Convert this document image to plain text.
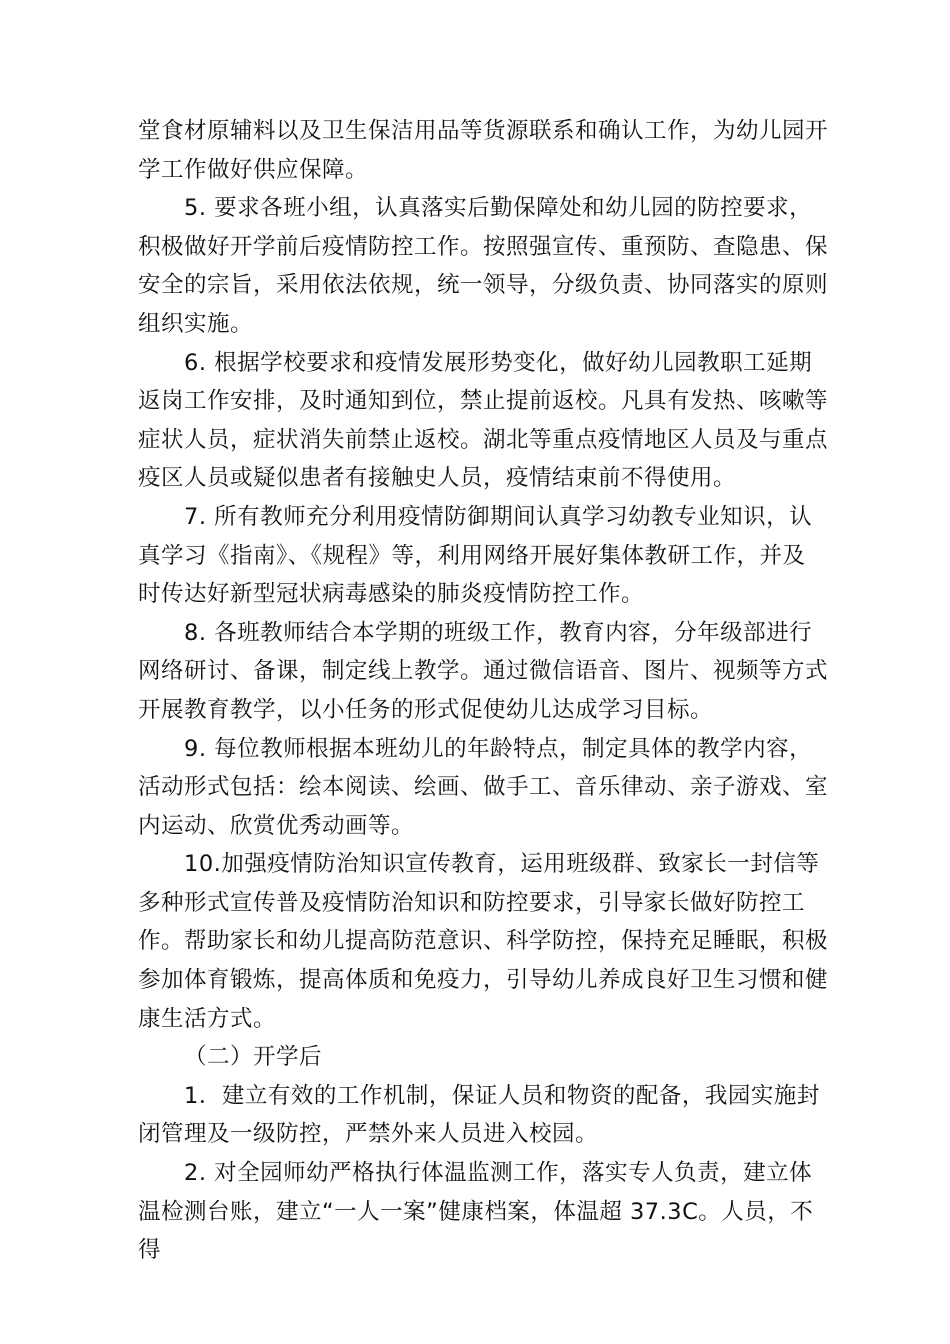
堂食材原辅料以及卫生保洁用品等货源联系和确认工作，为幼儿园开学工作做好供应保障。

5. 要求各班小组，认真落实后勤保障处和幼儿园的防控要求，积极做好开学前后疫情防控工作。按照强宣传、重预防、查隐患、保安全的宗旨，采用依法依规，统一领导，分级负责、协同落实的原则组织实施。

6. 根据学校要求和疫情发展形势变化，做好幼儿园教职工延期返岗工作安排，及时通知到位，禁止提前返校。凡具有发热、咳嗽等症状人员，症状消失前禁止返校。湖北等重点疫情地区人员及与重点疫区人员或疑似患者有接触史人员，疫情结束前不得使用。

7. 所有教师充分利用疫情防御期间认真学习幼教专业知识，认真学习《指南》、《规程》等，利用网络开展好集体教研工作，并及时传达好新型冠状病毒感染的肺炎疫情防控工作。

8. 各班教师结合本学期的班级工作，教育内容，分年级部进行网络研讨、备课，制定线上教学。通过微信语音、图片、视频等方式开展教育教学，以小任务的形式促使幼儿达成学习目标。

9. 每位教师根据本班幼儿的年龄特点，制定具体的教学内容，活动形式包括：绘本阅读、绘画、做手工、音乐律动、亲子游戏、室内运动、欣赏优秀动画等。

10.加强疫情防治知识宣传教育，运用班级群、致家长一封信等多种形式宣传普及疫情防治知识和防控要求，引导家长做好防控工作。帮助家长和幼儿提高防范意识、科学防控，保持充足睡眠，积极参加体育锻炼，提高体质和免疫力，引导幼儿养成良好卫生习惯和健康生活方式。

（二）开学后

1．建立有效的工作机制，保证人员和物资的配备，我园实施封闭管理及一级防控，严禁外来人员进入校园。

2. 对全园师幼严格执行体温监测工作，落实专人负责，建立体温检测台账，建立“一人一案”健康档案，体温超 37.3C。人员，不得
